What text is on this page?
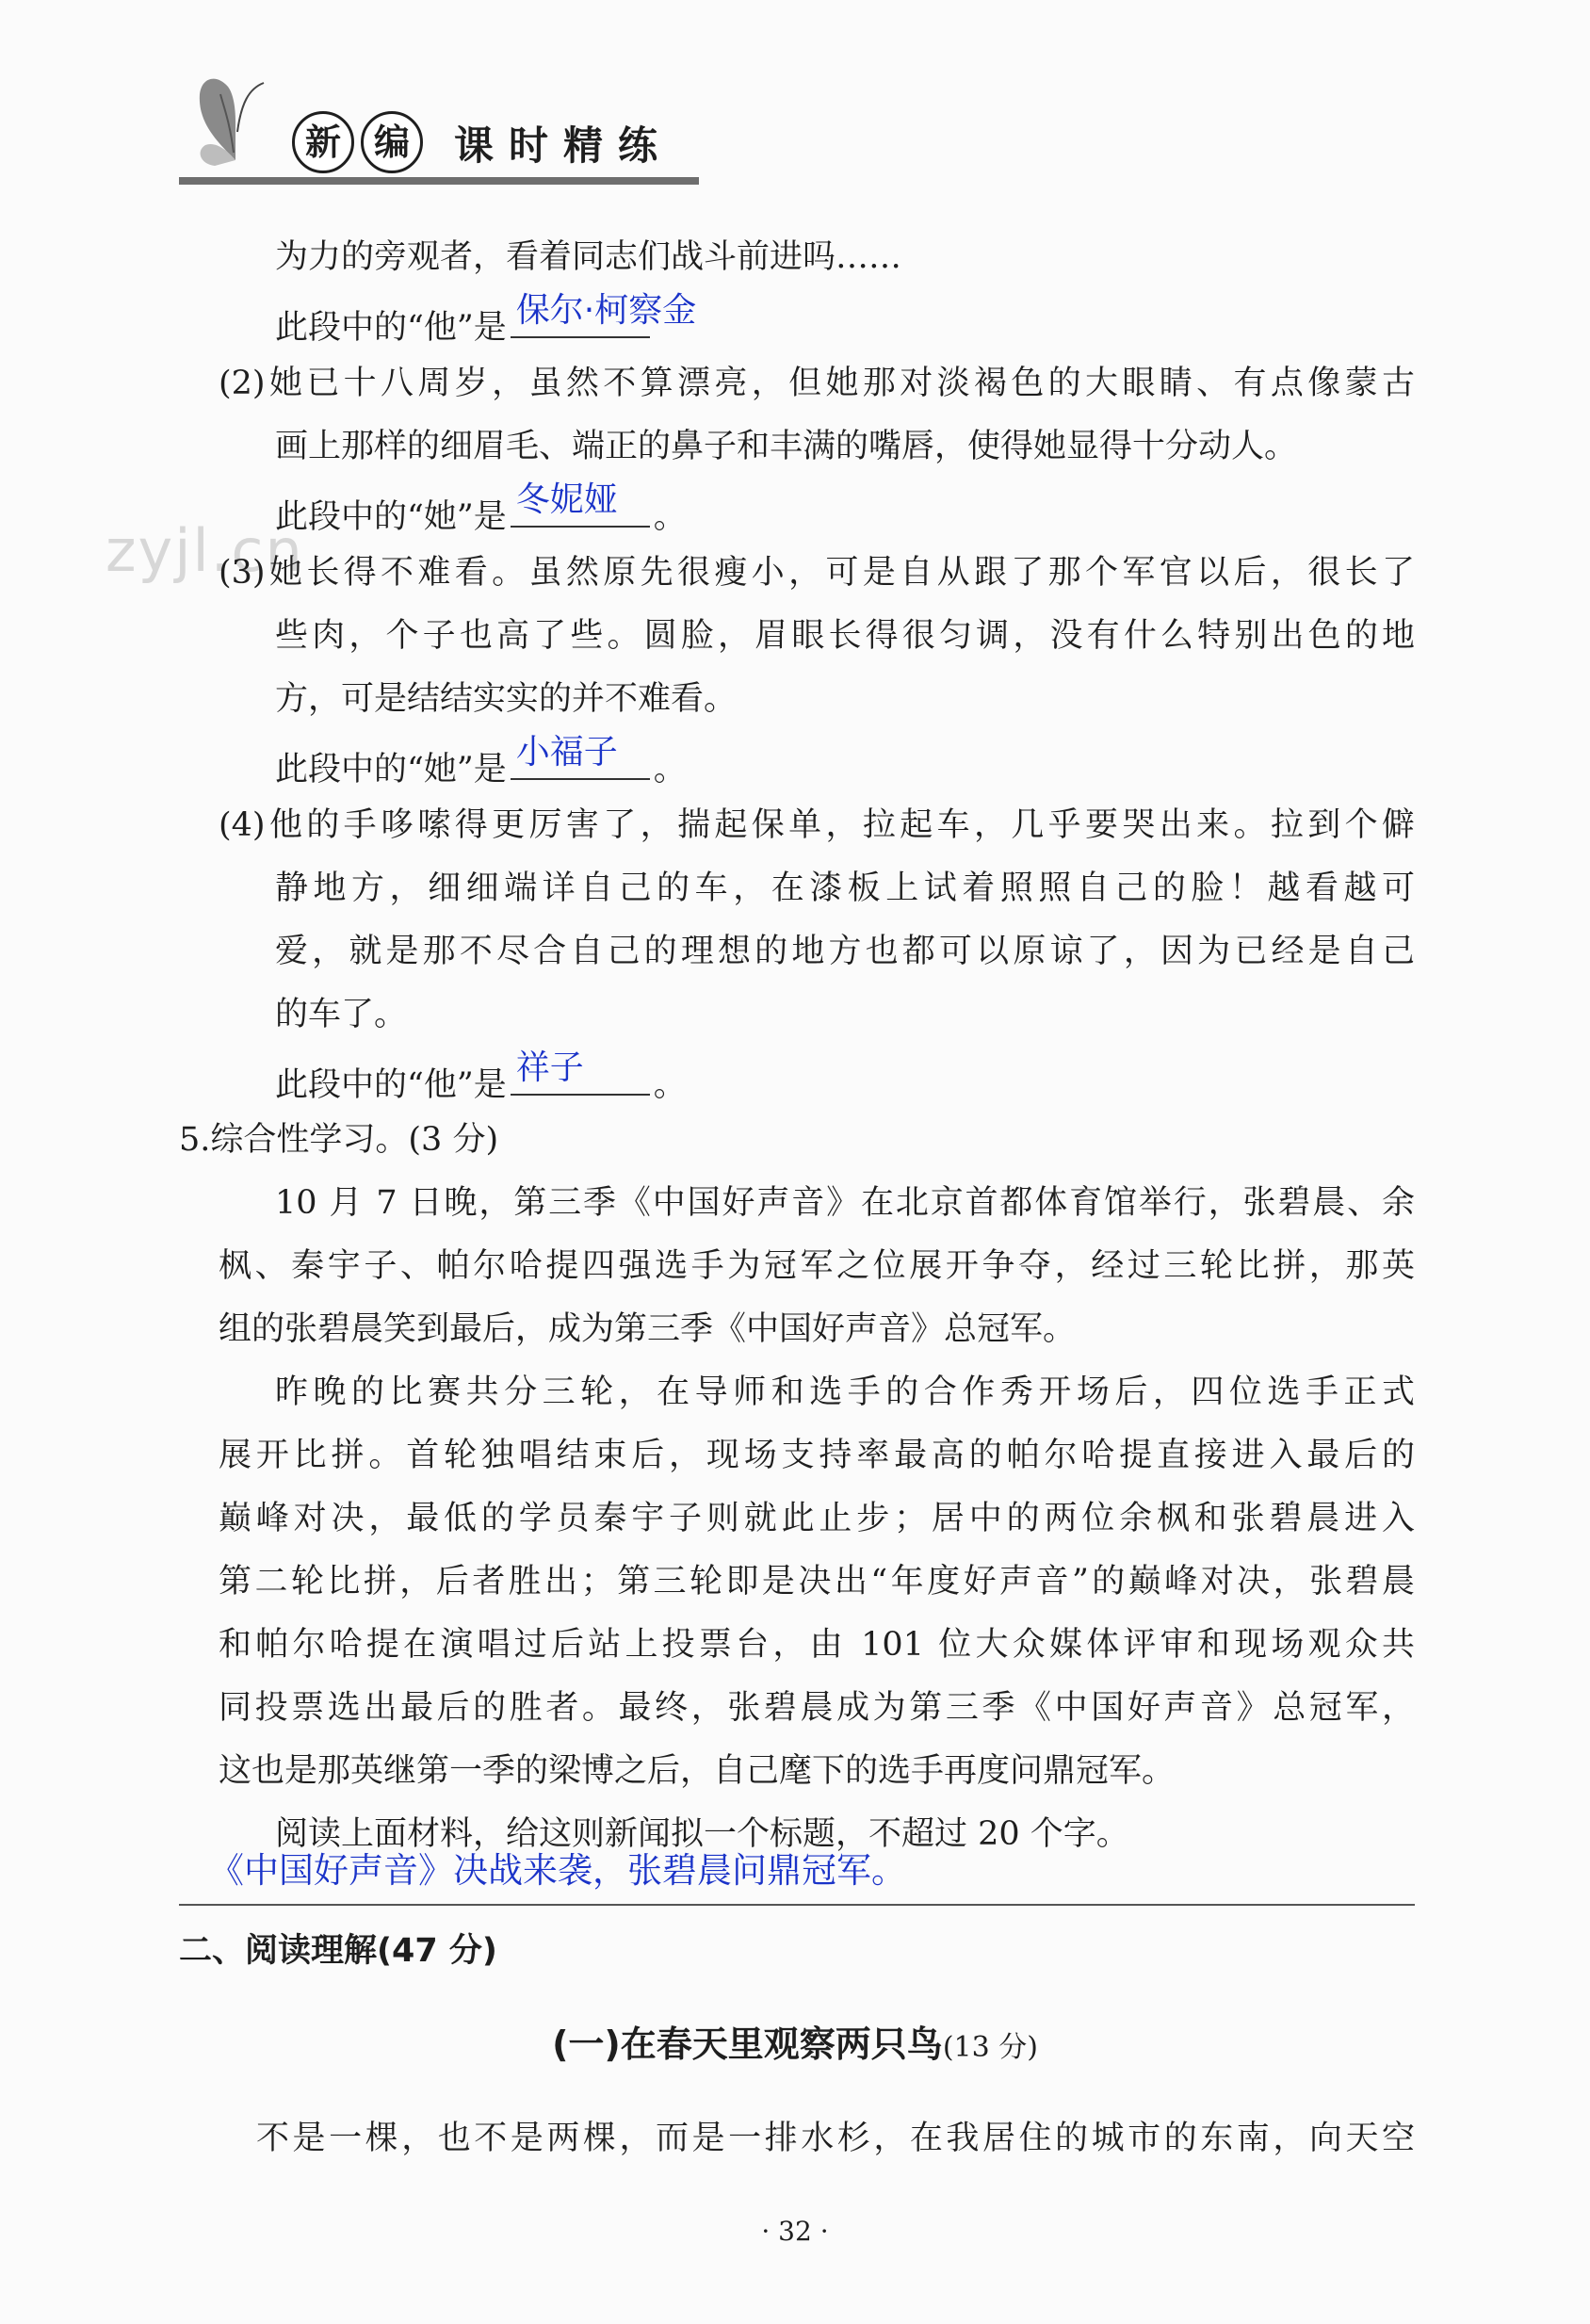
新 编	课时精练
zyjl.cn
为力的旁观者，看着同志们战斗前进吗……
此段中的“他”是 保尔·柯察金
(2)她已十八周岁，虽然不算漂亮，但她那对淡褐色的大眼睛、有点像蒙古
画上那样的细眉毛、端正的鼻子和丰满的嘴唇，使得她显得十分动人。
此段中的“她”是 冬妮娅 。
(3)她长得不难看。虽然原先很瘦小，可是自从跟了那个军官以后，很长了
些肉，个子也高了些。圆脸，眉眼长得很匀调，没有什么特别出色的地
方，可是结结实实的并不难看。
此段中的“她”是 小福子 。
(4)他的手哆嗦得更厉害了，揣起保单，拉起车，几乎要哭出来。拉到个僻
静地方，细细端详自己的车，在漆板上试着照照自己的脸！越看越可
爱，就是那不尽合自己的理想的地方也都可以原谅了，因为已经是自己
的车了。
此段中的“他”是 祥子 。
5.综合性学习。(3 分)
10 月 7 日晚，第三季《中国好声音》在北京首都体育馆举行，张碧晨、余
枫、秦宇子、帕尔哈提四强选手为冠军之位展开争夺，经过三轮比拼，那英
组的张碧晨笑到最后，成为第三季《中国好声音》总冠军。
昨晚的比赛共分三轮，在导师和选手的合作秀开场后，四位选手正式
展开比拼。首轮独唱结束后，现场支持率最高的帕尔哈提直接进入最后的
巅峰对决，最低的学员秦宇子则就此止步；居中的两位余枫和张碧晨进入
第二轮比拼，后者胜出；第三轮即是决出“年度好声音”的巅峰对决，张碧晨
和帕尔哈提在演唱过后站上投票台，由 101 位大众媒体评审和现场观众共
同投票选出最后的胜者。最终，张碧晨成为第三季《中国好声音》总冠军，
这也是那英继第一季的梁博之后，自己麾下的选手再度问鼎冠军。
阅读上面材料，给这则新闻拟一个标题，不超过 20 个字。
《中国好声音》决战来袭，张碧晨问鼎冠军。
二、阅读理解(47 分)
(一)在春天里观察两只鸟(13 分)
不是一棵，也不是两棵，而是一排水杉，在我居住的城市的东南，向天空
· 32 ·
